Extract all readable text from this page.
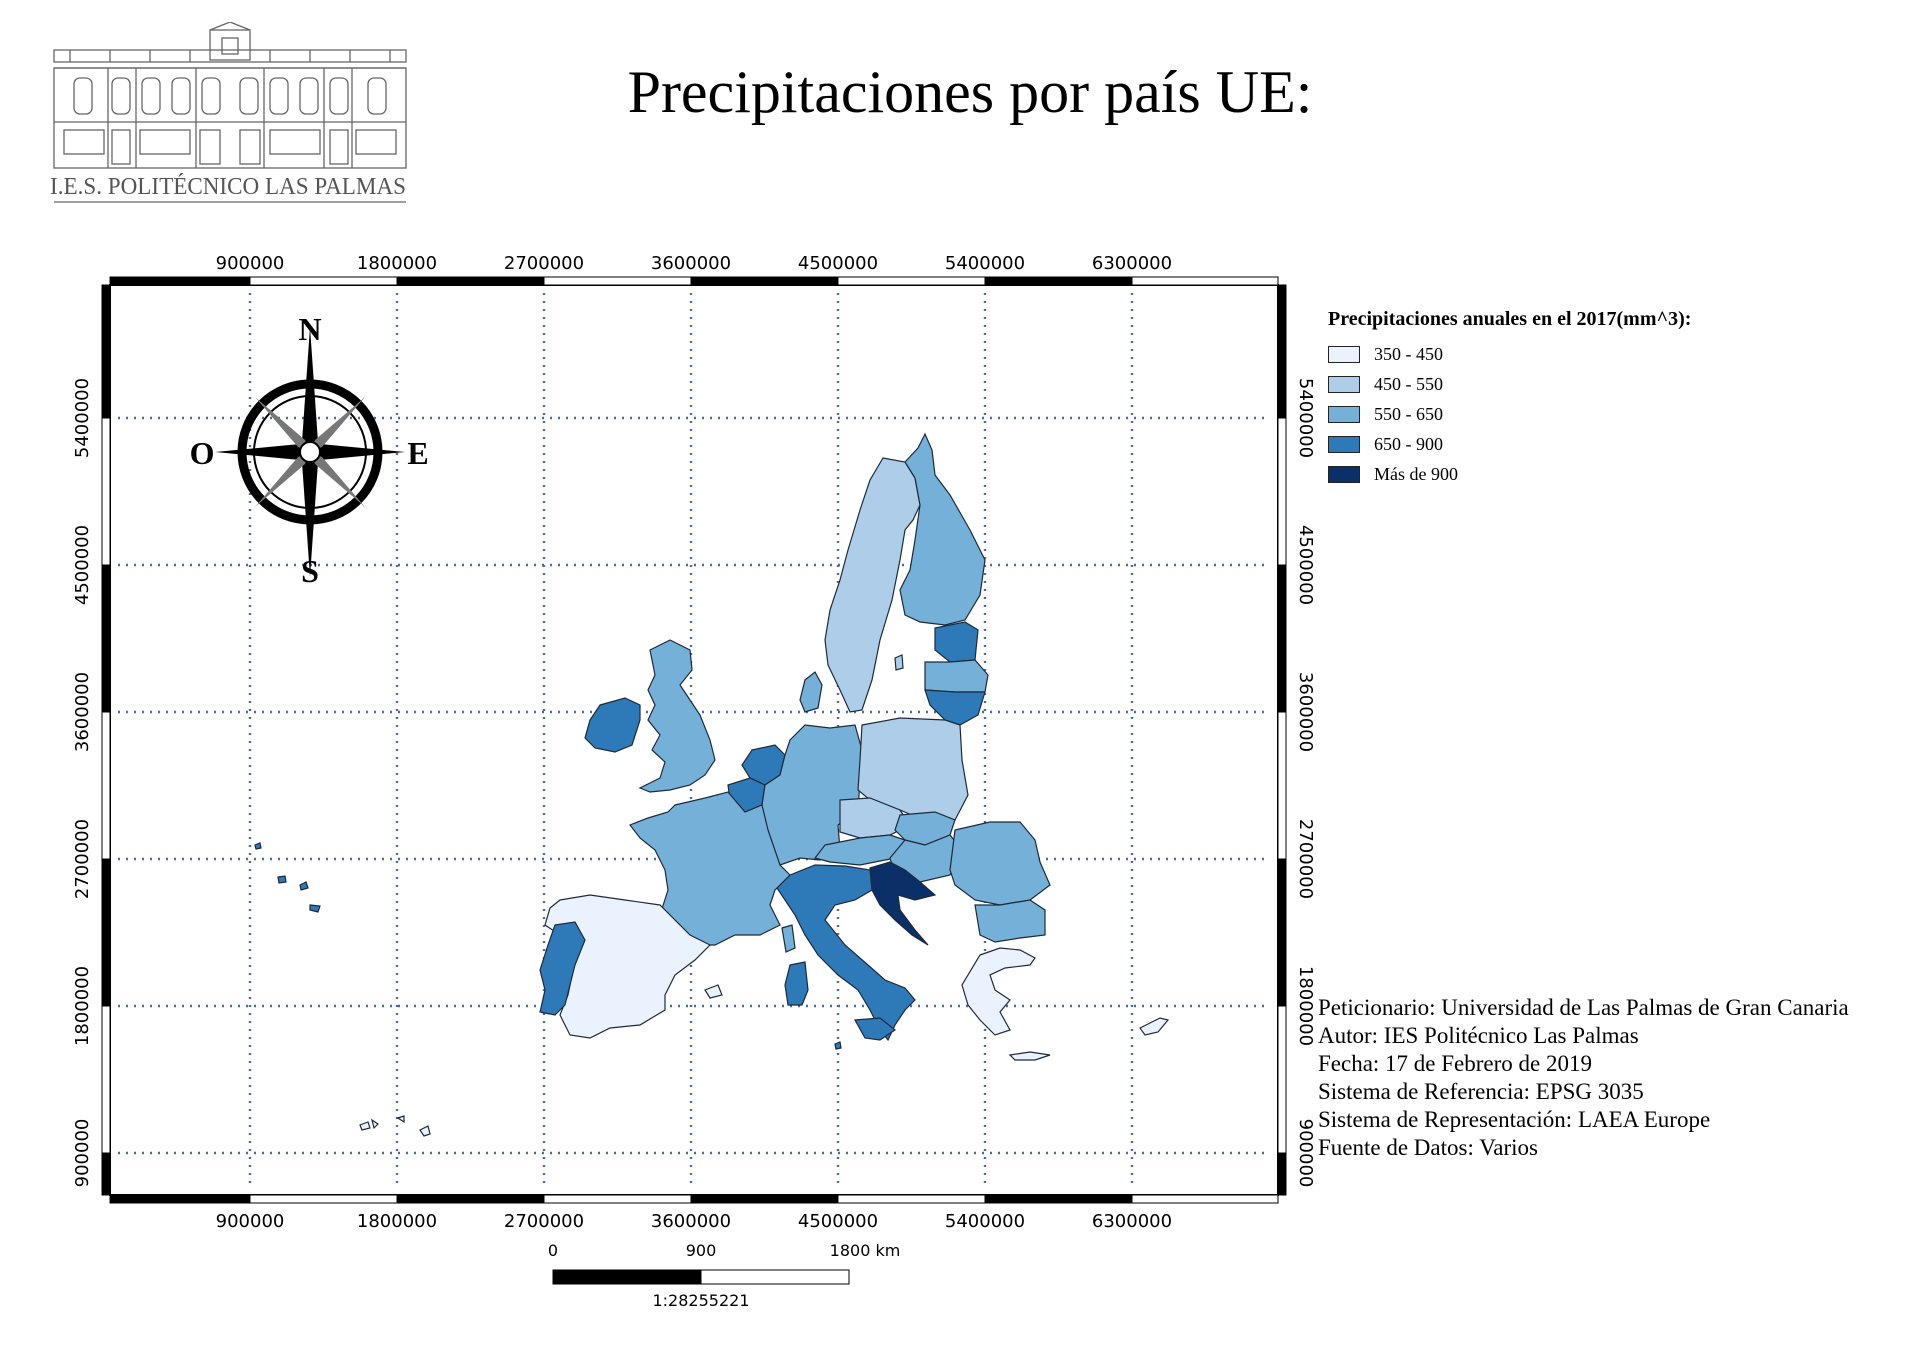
I.E.S. POLITÉCNICO LAS PALMAS
Precipitaciones por país UE:
N
S
E
O
900000
900000
1800000
1800000
2700000
2700000
3600000
3600000
4500000
4500000
5400000
5400000
6300000
6300000
5400000	5400000
4500000	4500000
3600000	3600000
2700000	2700000
1800000	1800000
900000	900000
0	900	1800 km
1:28255221
Precipitaciones anuales en el 2017(mm^3):
350 - 450
450 - 550
550 - 650
650 - 900
Más de 900
Peticionario: Universidad de Las Palmas de Gran Canaria
Autor: IES Politécnico Las Palmas
Fecha: 17 de Febrero de 2019
Sistema de Referencia: EPSG 3035
Sistema de Representación: LAEA Europe
Fuente de Datos: Varios
